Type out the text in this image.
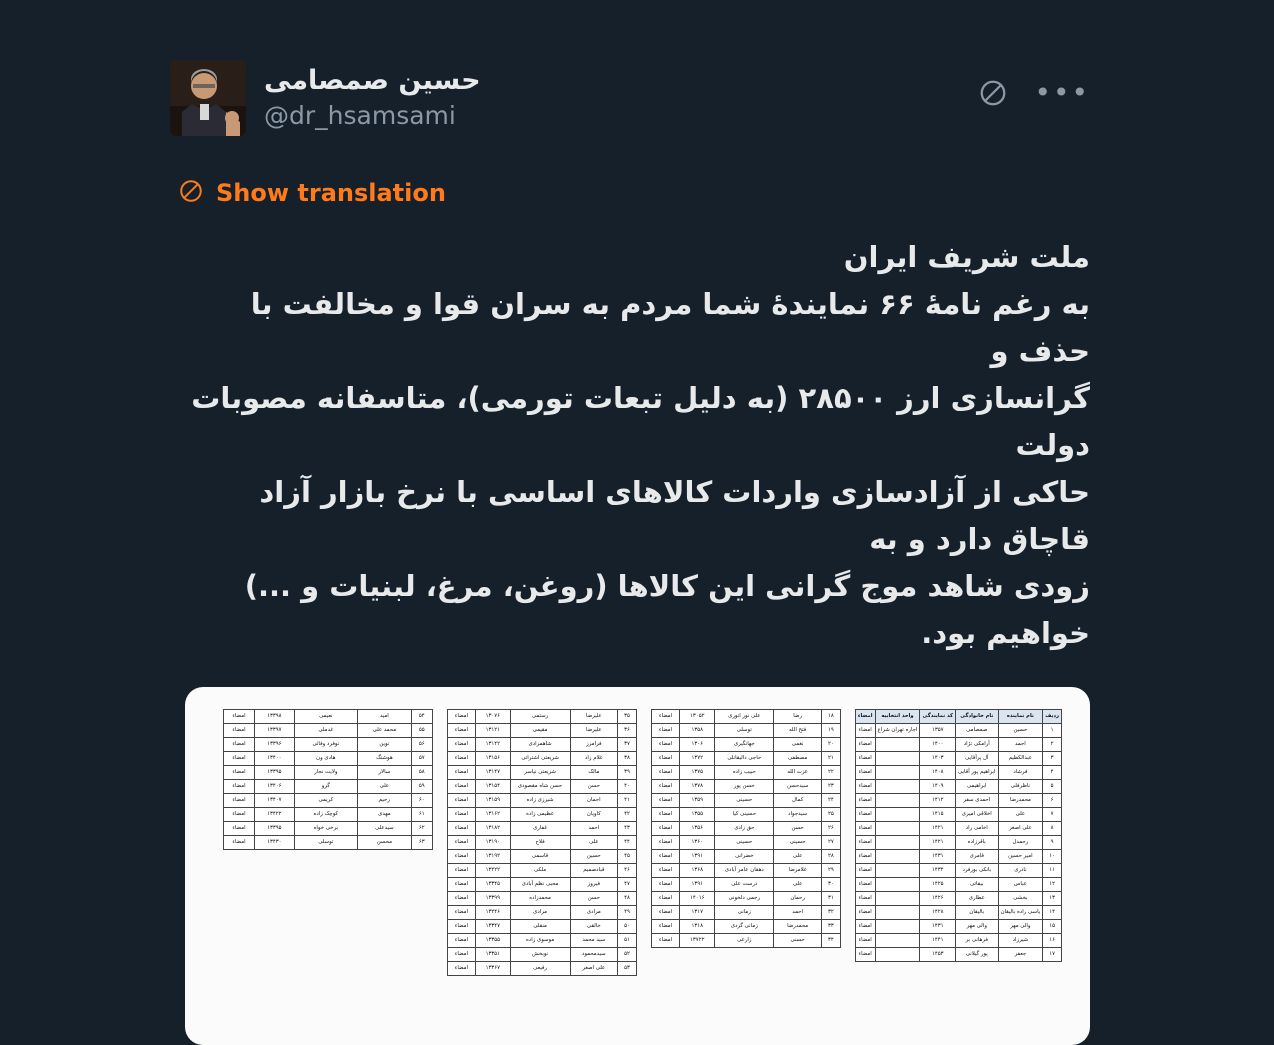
حسین صمصامی
@dr_hsamsami
•••
Show translation
ملت شریف ایران
به رغم نامهٔ ۶۶ نمایندهٔ شما مردم به سران قوا و مخالفت با حذف و
گرانسازی ارز ۲۸۵۰۰ (به دلیل تبعات تورمی)، متاسفانه مصوبات دولت
حاکی از آزادسازی واردات کالاهای اساسی با نرخ بازار آزاد قاچاق دارد و به
زودی شاهد موج گرانی این کالاها (روغن، مرغ، لبنیات و ...) خواهیم بود.
ردیف	نام نمایندە	نام خانوادگی	کد نمایندگی	واحد انتخابیه	امضاء
۱	حسین	صمصامی	۱۳۵۷	اجاره تهران شراع	امضاء
۲	احمد	آرامکی نژاد	۱۴۰۰		امضاء
۳	عبدالکظیم	آل پرآقایی	۱۴۰۳		امضاء
۴	فرشاد	ابراهیم پور آقایی	۱۴۰۸		امضاء
۵	ناظرفلی	ابراهیمی	۱۴۰۹		امضاء
۶	محمدرضا	احمدی سفر	۱۴۱۲		امضاء
۷	علی	اخلاقی امیری	۱۴۱۵		امضاء
۸	علی اصغر	اخامی راد	۱۴۲۱		امضاء
۹	رحمدل	باقرزاده	۱۴۲۱		امضاء
۱۰	امیر حسین	قامری	۱۴۳۱		امضاء
۱۱	نادری	بانکی بورفرد	۱۴۳۴		امضاء
۱۲	عباس	بیقاتی	۱۴۲۵		امضاء
۱۳	بخشی	عطاری	۱۴۲۶		امضاء
۱۴	یاسی راده بالیقان	بالیقان	۱۴۲۸		امضاء
۱۵	والی مهر	والی مهر	۱۴۳۱		امضاء
۱۶	شیرزاد	فرهانی بر	۱۴۴۱		امضاء
۱۷	جعفر	پور گیلانی	۱۴۵۳		امضاء
۱۸	رضا	علی نور انوری	۱۳۰۵۲	امضاء
۱۹	فتح الله	توسلی	۱۳۵۸	امضاء
۲۰	نغمی	جهانگیری	۱۳۰۶	امضاء
۲۱	مصطفی	حاجی دالیقانلی	۱۳۷۲	امضاء
۲۲	عزت الله	حبیب زاده	۱۳۷۵	امضاء
۲۳	سیدحسن	حسن پور	۱۳۷۸	امضاء
۲۴	کمال	حسینی	۱۳۵۹	امضاء
۲۵	سیدجواد	حسینی کیا	۱۳۵۵	امضاء
۲۶	حسن	حق زادی	۱۳۵۶	امضاء
۲۷	حسینی	حسینی	۱۳۶۰	امضاء
۲۸	علی	خضرانی	۱۳۹۱	امضاء
۲۹	غلامرضا	دهقان عامر آبادی	۱۳۶۸	امضاء
۳۰	علی	درست علی	۱۳۹۱	امضاء
۳۱	رحمان	رجمی دلخونی	۱۴۰۱۶	امضاء
۳۲	احمد	زمانی	۱۳۱۷	امضاء
۳۳	محمدرضا	زمانی گردی	۱۳۱۸	امضاء
۳۴	حسنی	زارعی	۱۳۷۲۲	امضاء
۳۵	علیرضا	رستمی	۱۳۰۷۶	امضاء
۳۶	علیرضا	مقیمی	۱۳۱۲۱	امضاء
۳۷	فرامرز	شاهمرادی	۱۳۱۴۲	امضاء
۳۸	غلام زاد	شریعتی اشتراتی	۱۳۱۵۶	امضاء
۳۹	مالک	شریعتی نیاسر	۱۳۱۴۷	امضاء
۴۰	حسن	حسن شاه مقصودی	۱۳۱۵۴	امضاء
۴۱	احمان	شیرزی زاده	۱۳۱۵۹	امضاء
۴۲	کاویان	عظیمی زاده	۱۳۱۶۲	امضاء
۴۳	احمد	غفاری	۱۳۱۸۲	امضاء
۴۴	علی	فلاح	۱۳۱۹۰	امضاء
۴۵	حسین	قاسمی	۱۳۱۹۲	امضاء
۴۶	قبادصمیم	ملکی	۱۳۲۲۲	امضاء
۴۷	فیروز	محبی نظم آبادی	۱۳۳۴۵	امضاء
۴۸	حسن	محمدزاده	۱۳۳۹۹	امضاء
۴۹	مرادی	مرادی	۱۳۲۴۶	امضاء
۵۰	خالقی	منقلی	۱۳۳۴۷	امضاء
۵۱	سید محمد	موسوی زاده	۱۳۳۵۵	امضاء
۵۲	سیدمحمود	نوبخش	۱۳۳۵۱	امضاء
۵۳	علی اصغر	رفیعی	۱۳۳۶۷	امضاء
۵۴	امید	نعیمی	۱۳۳۹۸	امضاء
۵۵	محمد علی	غدملی	۱۳۳۹۷	امضاء
۵۶	نوین	نوفرد وفائی	۱۳۳۹۶	امضاء
۵۷	هوشنگ	هادی ون	۱۳۴۰۰	امضاء
۵۸	سالار	ولایت نجار	۱۳۳۹۵	امضاء
۵۹	علی	گرو	۱۳۴۰۶	امضاء
۶۰	رحیم	کریمی	۱۳۴۰۷	امضاء
۶۱	مهدی	کوچک زاده	۱۳۴۲۲	امضاء
۶۲	سیدعلی	برخی خواه	۱۳۳۹۵	امضاء
۶۳	محسن	توسلی	۱۳۴۳۰	امضاء
